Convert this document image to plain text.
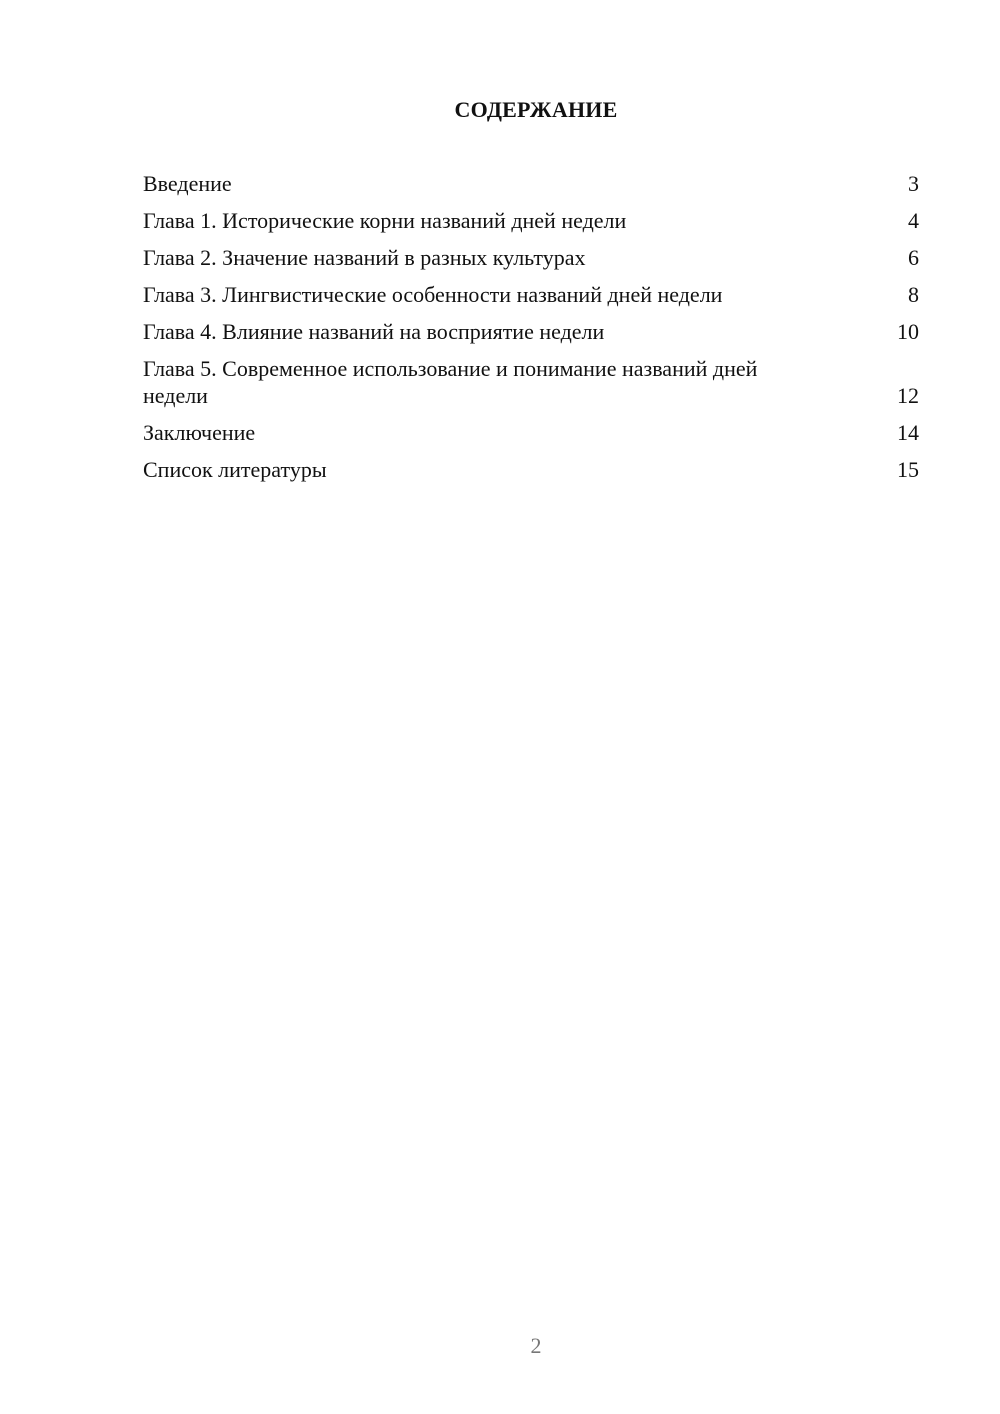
СОДЕРЖАНИЕ
Введение	3
Глава 1. Исторические корни названий дней недели	4
Глава 2. Значение названий в разных культурах	6
Глава 3. Лингвистические особенности названий дней недели	8
Глава 4. Влияние названий на восприятие недели	10
Глава 5. Современное использование и понимание названий дней недели	12
Заключение	14
Список литературы	15
2
